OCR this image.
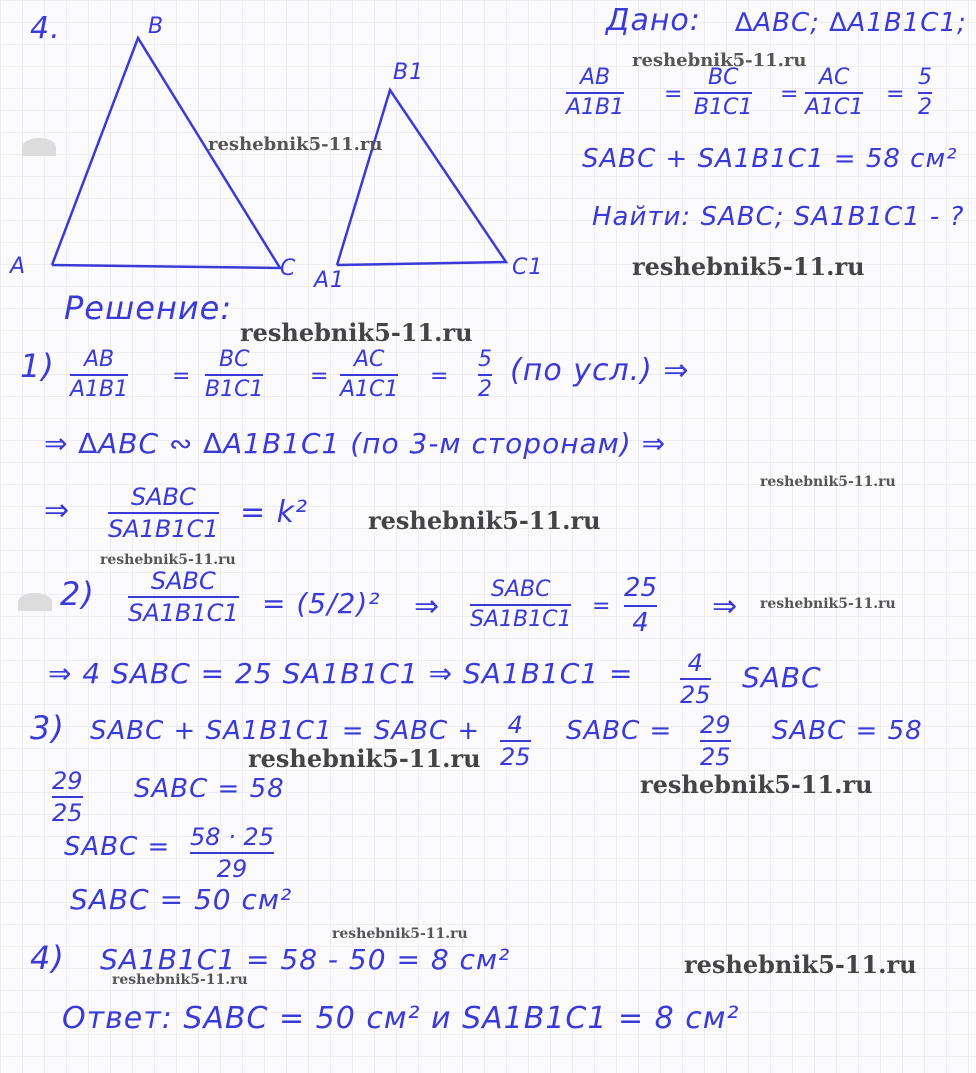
4.	B
A	C
B1
A1
C1
Дано: ∆ABC; ∆A1B1C1;
AB
A1B1
=
BC
B1C1
=
AC
A1C1
=
5
2
SABC + SA1B1C1 = 58 см²
Найти: SABC; SA1B1C1 - ?
Решение:
1) AB
A1B1
=
BC
B1C1
=
AC
A1C1
=
5
2
(по усл.) ⇒
⇒ ∆ABC ∾ ∆A1B1C1 (по 3-м сторонам) ⇒
⇒	SABC
SA1B1C1 = k²
2) SABC
SA1B1C1 = (5/2)² ⇒ SABC
SA1B1C1
=
25
4 ⇒
⇒ 4 SABC = 25 SA1B1C1 ⇒ SA1B1C1 = 4
25
SABC
3) SABC + SA1B1C1 = SABC + 4
25
SABC = 29
25
SABC = 58
29
25
SABC = 58
SABC = 58 · 25
29
SABC = 50 см²
4) SA1B1C1 = 58 - 50 = 8 см²
Ответ: SABC = 50 см² и SA1B1C1 = 8 см²
reshebnik5-11.ru
reshebnik5-11.ru
reshebnik5-11.ru
reshebnik5-11.ru
reshebnik5-11.ru
reshebnik5-11.ru
reshebnik5-11.ru
reshebnik5-11.ru
reshebnik5-11.ru
reshebnik5-11.ru
reshebnik5-11.ru
reshebnik5-11.ru
reshebnik5-11.ru
